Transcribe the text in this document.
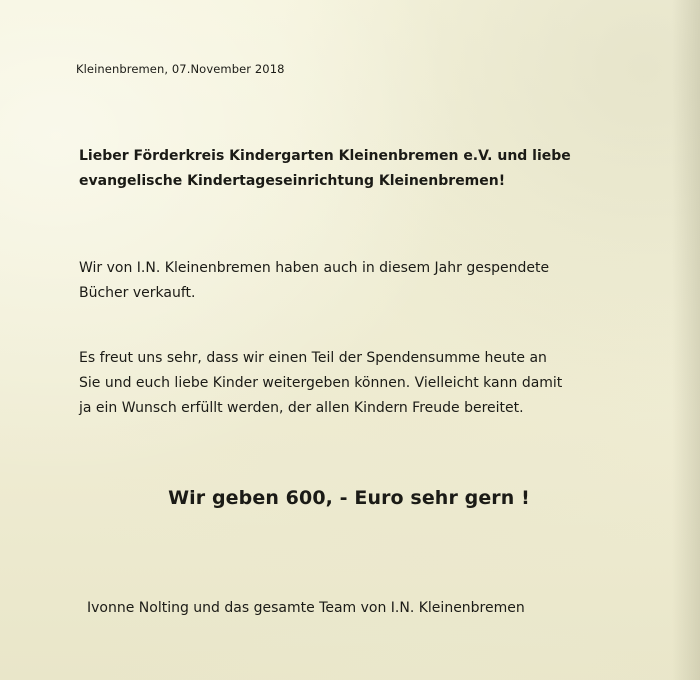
Kleinenbremen, 07.November 2018

Lieber Förderkreis Kindergarten Kleinenbremen e.V. und liebe
evangelische Kindertageseinrichtung Kleinenbremen!

Wir von I.N. Kleinenbremen haben auch in diesem Jahr gespendete
Bücher verkauft.

Es freut uns sehr, dass wir einen Teil der Spendensumme heute an
Sie und euch liebe Kinder weitergeben können. Vielleicht kann damit
ja ein Wunsch erfüllt werden, der allen Kindern Freude bereitet.

Wir geben 600, - Euro sehr gern !

Ivonne Nolting und das gesamte Team von I.N. Kleinenbremen
